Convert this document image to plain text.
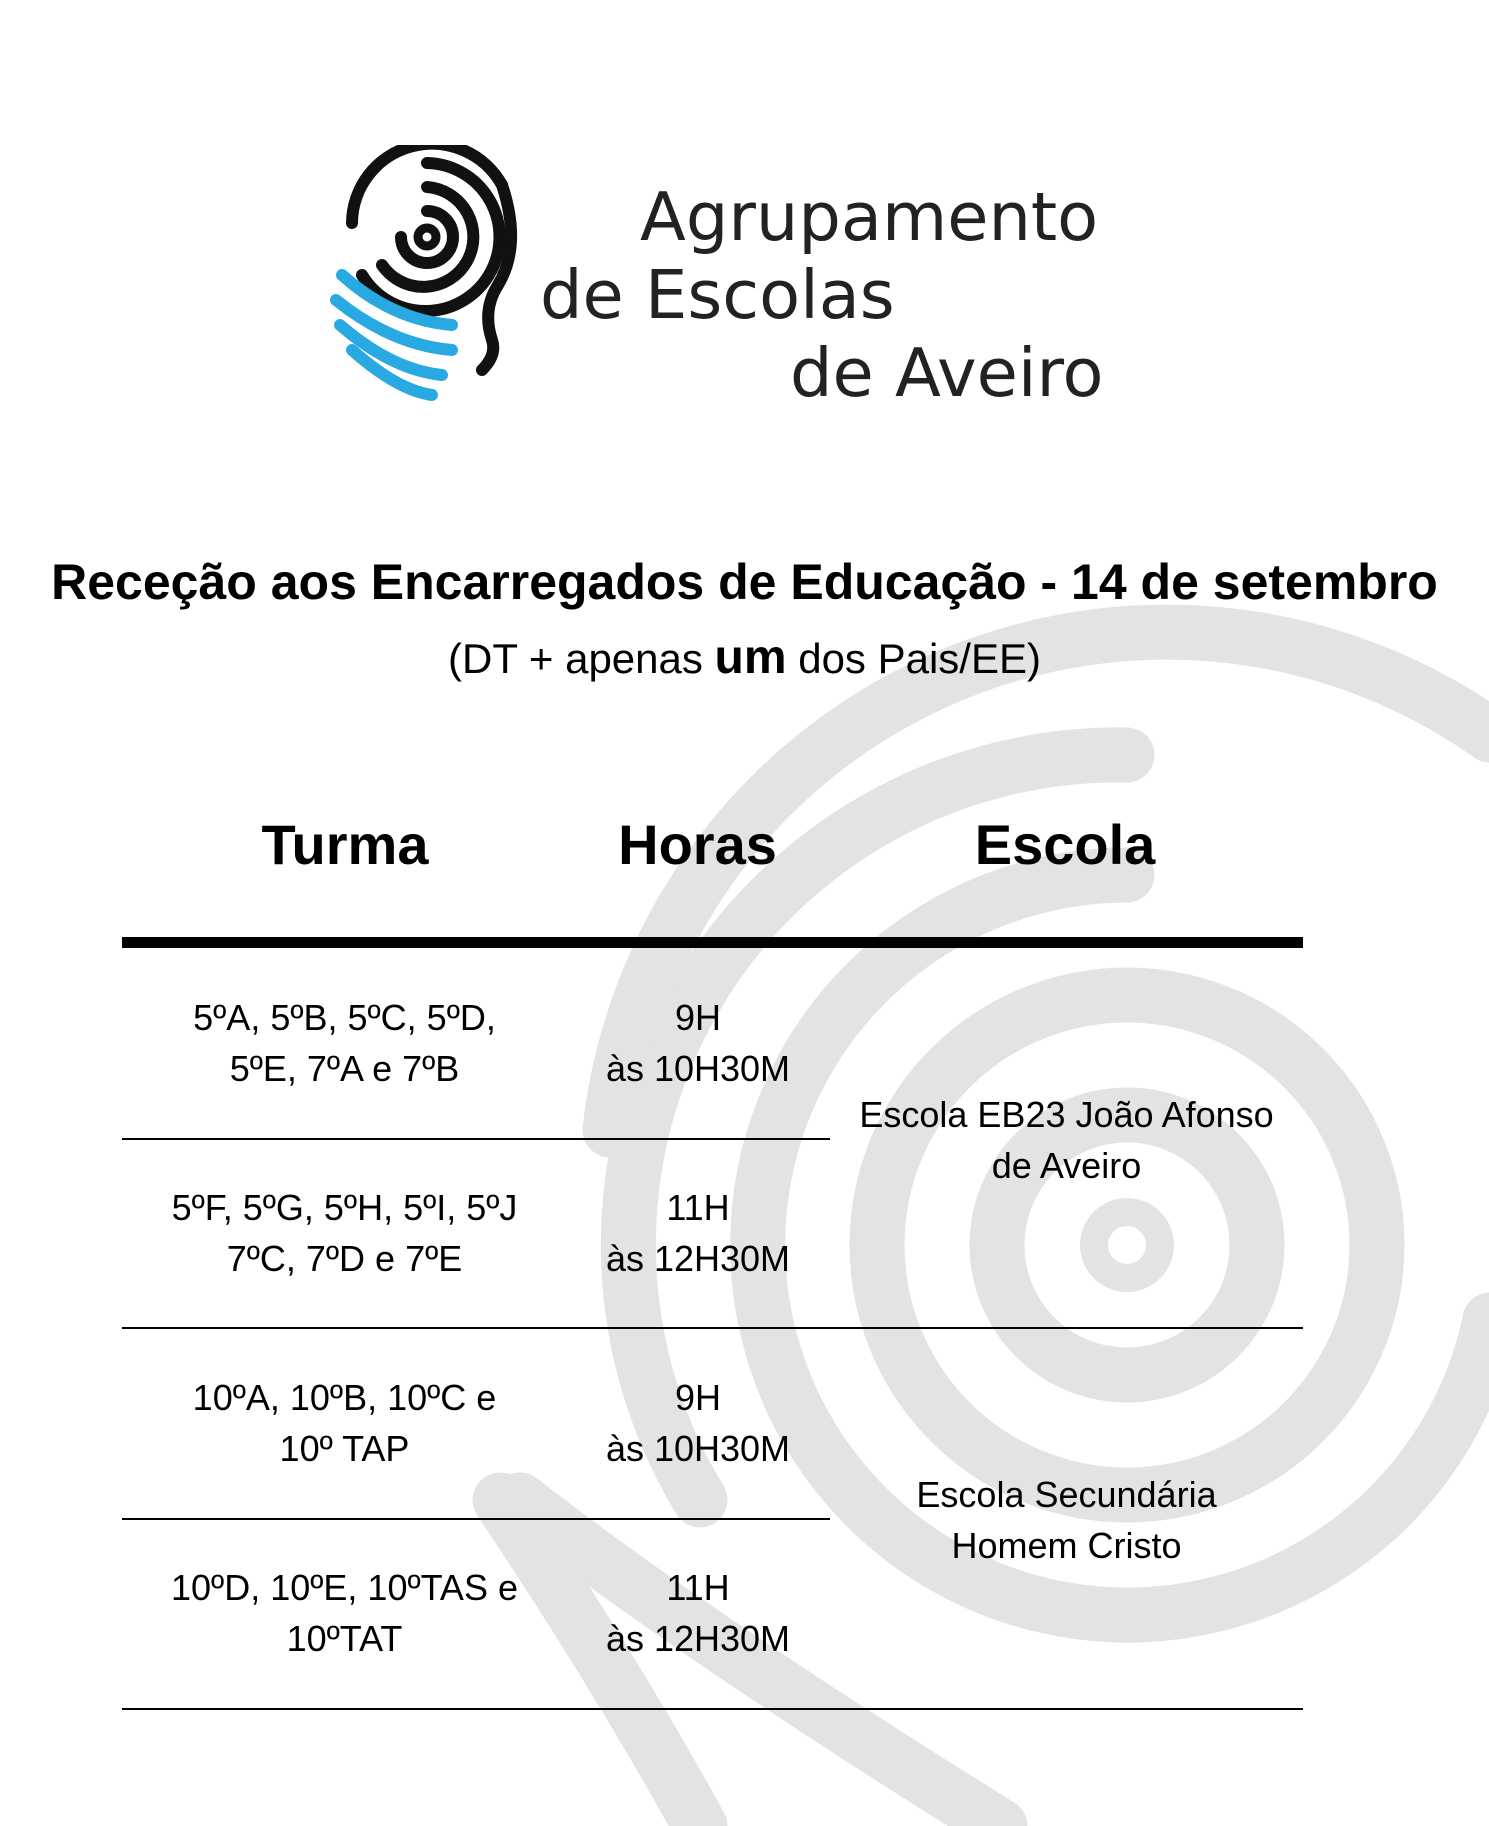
Agrupamento
de Escolas
de Aveiro
Receção aos Encarregados de Educação - 14 de setembro
(DT + apenas um dos Pais/EE)
Turma	Horas	Escola
5ºA, 5ºB, 5ºC, 5ºD,
5ºE, 7ºA e 7ºB
9H
às 10H30M
5ºF, 5ºG, 5ºH, 5ºI, 5ºJ
7ºC, 7ºD e 7ºE
11H
às 12H30M
Escola EB23 João Afonso
de Aveiro
10ºA, 10ºB, 10ºC e
10º TAP
9H
às 10H30M
10ºD, 10ºE, 10ºTAS e
10ºTAT
11H
às 12H30M
Escola Secundária
Homem Cristo
